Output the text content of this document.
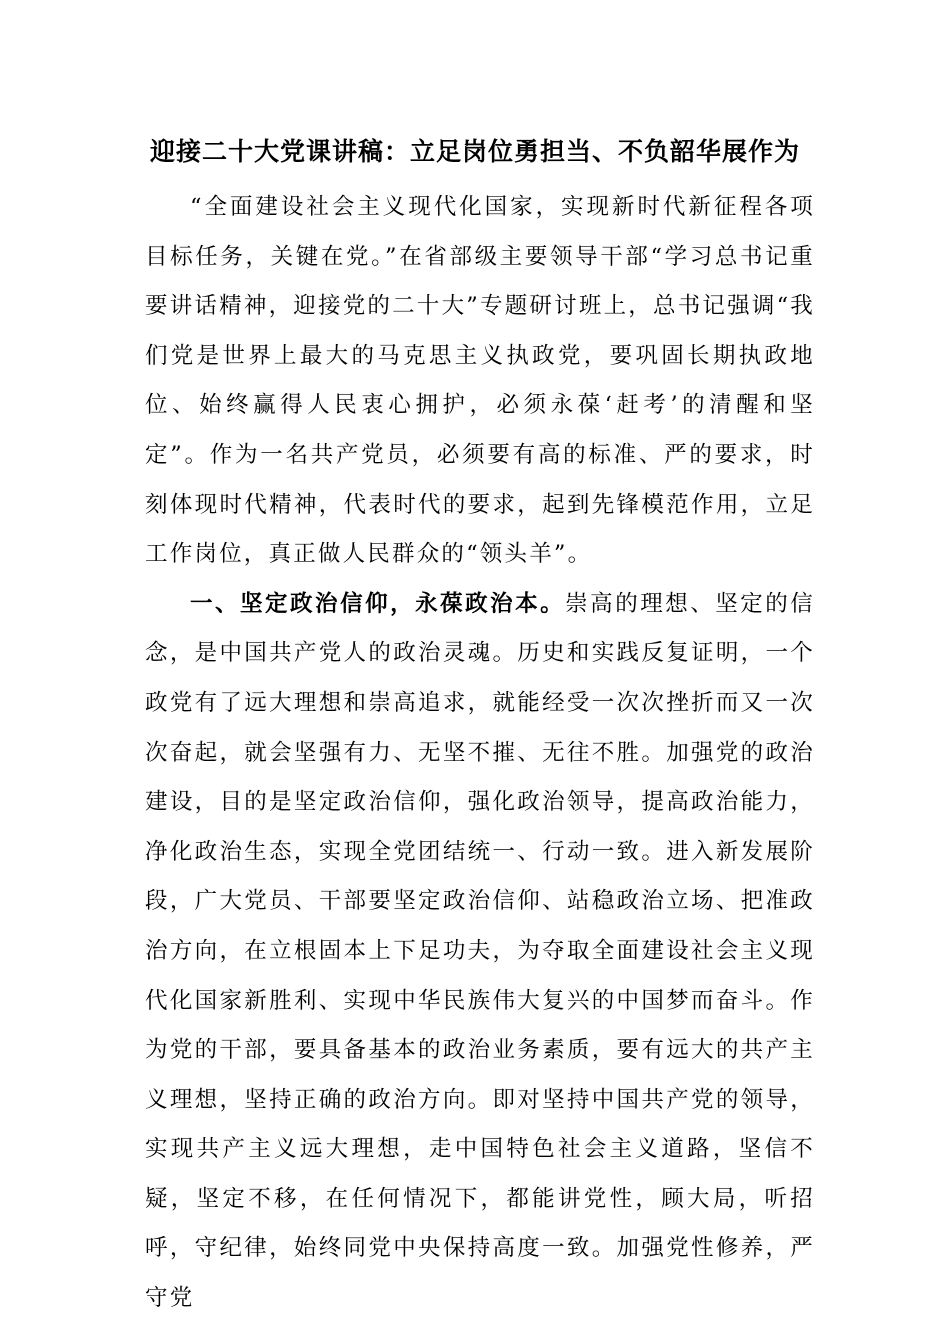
迎接二十大党课讲稿：立足岗位勇担当、不负韶华展作为

“全面建设社会主义现代化国家，实现新时代新征程各项目标任务，关键在党。”在省部级主要领导干部“学习总书记重要讲话精神，迎接党的二十大”专题研讨班上，总书记强调“我们党是世界上最大的马克思主义执政党，要巩固长期执政地位、始终赢得人民衷心拥护，必须永葆‘赶考’的清醒和坚定”。作为一名共产党员，必须要有高的标准、严的要求，时刻体现时代精神，代表时代的要求，起到先锋模范作用，立足工作岗位，真正做人民群众的“领头羊”。

一、坚定政治信仰，永葆政治本。崇高的理想、坚定的信念，是中国共产党人的政治灵魂。历史和实践反复证明，一个政党有了远大理想和崇高追求，就能经受一次次挫折而又一次次奋起，就会坚强有力、无坚不摧、无往不胜。加强党的政治建设，目的是坚定政治信仰，强化政治领导，提高政治能力，净化政治生态，实现全党团结统一、行动一致。进入新发展阶段，广大党员、干部要坚定政治信仰、站稳政治立场、把准政治方向，在立根固本上下足功夫，为夺取全面建设社会主义现代化国家新胜利、实现中华民族伟大复兴的中国梦而奋斗。作为党的干部，要具备基本的政治业务素质，要有远大的共产主义理想，坚持正确的政治方向。即对坚持中国共产党的领导，实现共产主义远大理想，走中国特色社会主义道路，坚信不疑，坚定不移，在任何情况下，都能讲党性，顾大局，听招呼，守纪律，始终同党中央保持高度一致。加强党性修养，严守党
